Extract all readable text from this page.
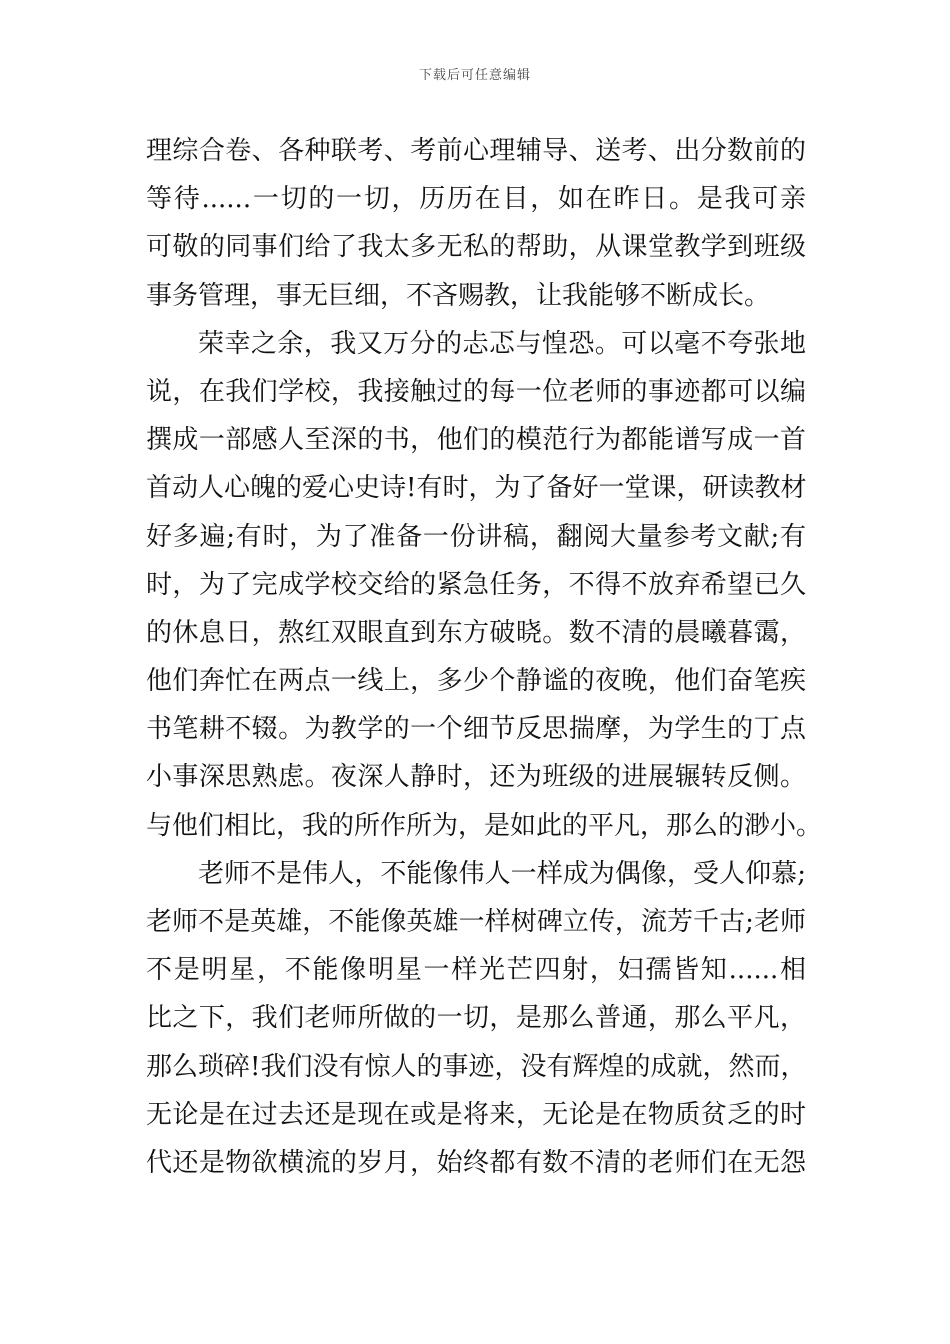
下载后可任意编辑
理综合卷、各种联考、考前心理辅导、送考、出分数前的
等待......一切的一切，历历在目，如在昨日。是我可亲
可敬的同事们给了我太多无私的帮助，从课堂教学到班级
事务管理，事无巨细，不吝赐教，让我能够不断成长。
荣幸之余，我又万分的忐忑与惶恐。可以毫不夸张地
说，在我们学校，我接触过的每一位老师的事迹都可以编
撰成一部感人至深的书，他们的模范行为都能谱写成一首
首动人心魄的爱心史诗!有时，为了备好一堂课，研读教材
好多遍;有时，为了准备一份讲稿，翻阅大量参考文献;有
时，为了完成学校交给的紧急任务，不得不放弃希望已久
的休息日，熬红双眼直到东方破晓。数不清的晨曦暮霭，
他们奔忙在两点一线上，多少个静谧的夜晚，他们奋笔疾
书笔耕不辍。为教学的一个细节反思揣摩，为学生的丁点
小事深思熟虑。夜深人静时，还为班级的进展辗转反侧。
与他们相比，我的所作所为，是如此的平凡，那么的渺小。
老师不是伟人，不能像伟人一样成为偶像，受人仰慕;
老师不是英雄，不能像英雄一样树碑立传，流芳千古;老师
不是明星，不能像明星一样光芒四射，妇孺皆知......相
比之下，我们老师所做的一切，是那么普通，那么平凡，
那么琐碎!我们没有惊人的事迹，没有辉煌的成就，然而，
无论是在过去还是现在或是将来，无论是在物质贫乏的时
代还是物欲横流的岁月，始终都有数不清的老师们在无怨
